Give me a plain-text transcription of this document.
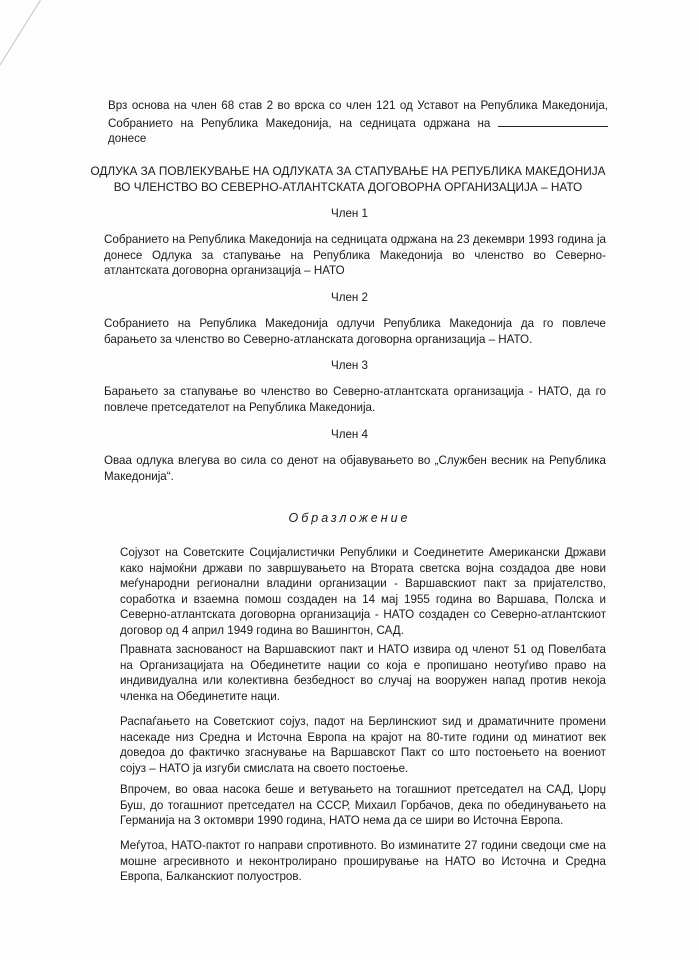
Врз основа на член 68 став 2 во врска со член 121 од Уставот на Република Македонија, Собранието на Република Македонија, на седницата одржана на  донесе
ОДЛУКА ЗА ПОВЛЕКУВАЊЕ НА ОДЛУКАТА ЗА СТАПУВАЊЕ НА РЕПУБЛИКА МАКЕДОНИЈА
ВО ЧЛЕНСТВО ВО СЕВЕРНО-АТЛАНТСКАТА ДОГОВОРНА ОРГАНИЗАЦИЈА – НАТО
Член 1
Собранието на Република Македонија на седницата одржана на 23 декември 1993 година ја донесе Одлука за стапување на Република Македонија во членство во Северно-атлантската договорна организација – НАТО
Член 2
Собранието на Република Македонија одлучи Република Македонија да го повлече барањето за членство во Северно-атланската договорна организација – НАТО.
Член 3
Барањето за стапување во членство во Северно-атлантската организација - НАТО, да го повлече претседателот на Република Македонија.
Член 4
Оваа одлука влегува во сила со денот на објавувањето во „Службен весник на Република Македонија“.
Образложение
Сојузот на Советските Социјалистички Републики и Соединетите Американски Држави како најмоќни држави по завршувањето на Втората светска војна создадоа две нови меѓународни регионални владини организации - Варшавскиот пакт за пријателство, соработка и взаемна помош создаден на 14 мај 1955 година во Варшава, Полска и Северно-атлантската договорна организација - НАТО создаден со Северно-атлантскиот договор од 4 април 1949 година во Вашингтон, САД.
Правната заснованост на Варшавскиот пакт и НАТО извира од членот 51 од Повелбата на Организацијата на Обединетите нации со која е пропишано неотуѓиво право на индивидуална или колективна безбедност во случај на вооружен напад против некоја членка на Обединетите наци.
Распаѓањето на Советскиот сојуз, падот на Берлинскиот ѕид и драматичните промени насекаде низ Средна и Источна Европа на крајот на 80-тите години од минатиот век доведоа до фактичко згаснување на Варшавскот Пакт со што постоењето на воениот сојуз – НАТО ја изгуби смислата на своето постоење.
Впрочем, во оваа насока беше и ветувањето на тогашниот претседател на САД, Џорџ Буш, до тогашниот претседател на СССР, Михаил Горбачов, дека по обединувањето на Германија на 3 октомври 1990 година, НАТО нема да се шири во Источна Европа.
Меѓутоа, НАТО-пактот го направи спротивното. Во изминатите 27 години сведоци сме на мошне агресивното и неконтролирано проширување на НАТО во Источна и Средна Европа, Балканскиот полуостров.
